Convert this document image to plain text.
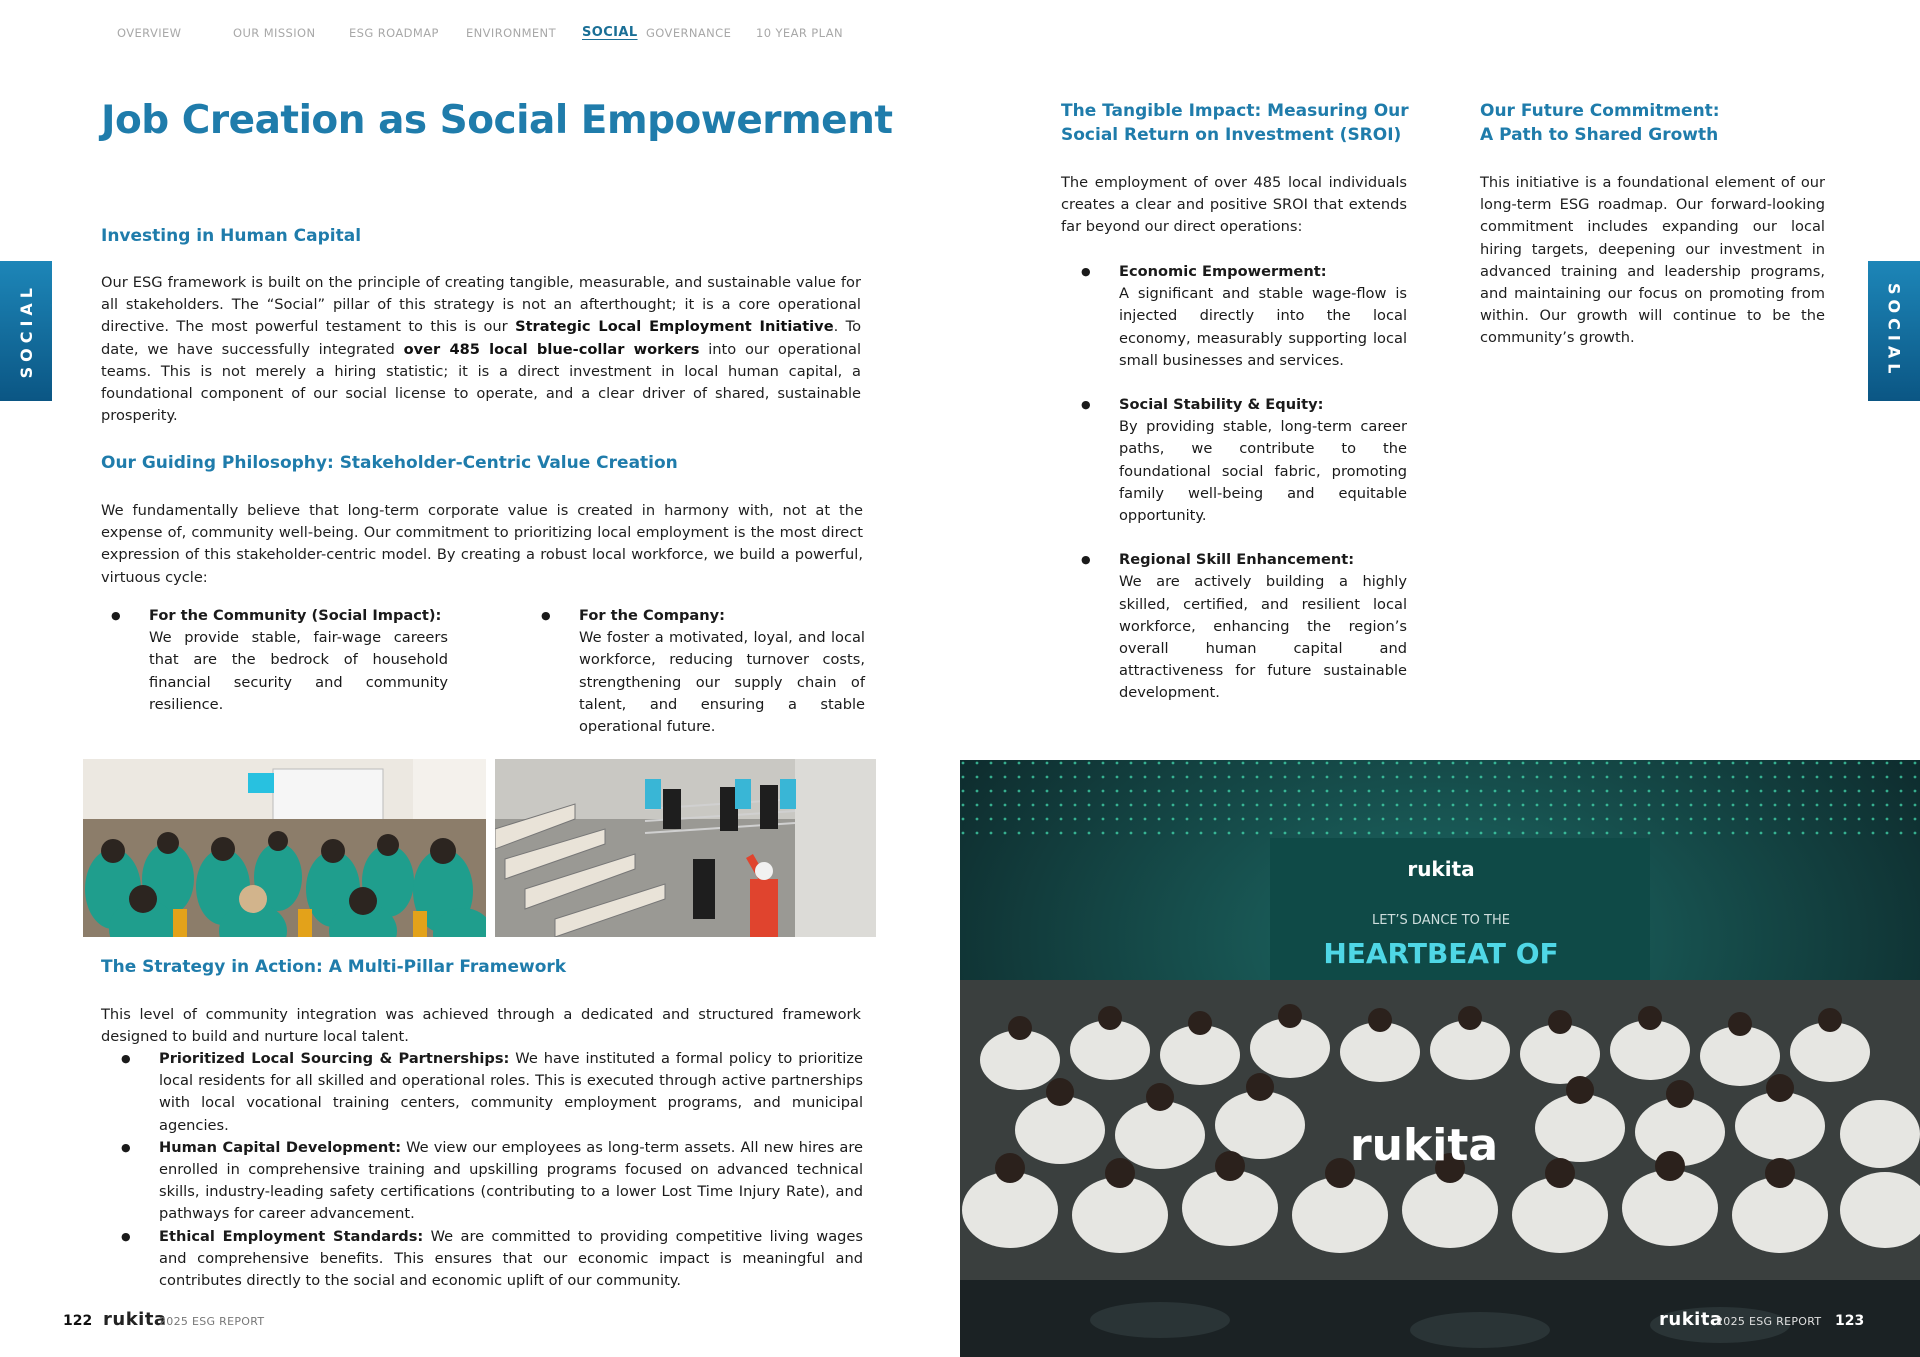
OVERVIEW	OUR MISSION	ESG ROADMAP ENVIRONMENT SOCIAL GOVERNANCE 10 YEAR PLAN
SOCIAL	SOCIAL
Job Creation as Social Empowerment
Investing in Human Capital
Our ESG framework is built on the principle of creating tangible, measurable, and sustainable value for all stakeholders. The “Social” pillar of this strategy is not an afterthought; it is a core operational directive. The most powerful testament to this is our Strategic Local Employment Initiative. To date, we have successfully integrated over 485 local blue-collar workers into our operational teams. This is not merely a hiring statistic; it is a direct investment in local human capital, a foundational component of our social license to operate, and a clear driver of shared, sustainable prosperity.
Our Guiding Philosophy: Stakeholder-Centric Value Creation
We fundamentally believe that long-term corporate value is created in harmony with, not at the expense of, community well-being. Our commitment to prioritizing local employment is the most direct expression of this stakeholder-centric model. By creating a robust local workforce, we build a powerful, virtuous cycle:
● For the Community (Social Impact):
We provide stable, fair-wage careers that are the bedrock of household financial security and community resilience.
● For the Company:
We foster a motivated, loyal, and local workforce, reducing turnover costs, strengthening our supply chain of talent, and ensuring a stable operational future.
The Strategy in Action: A Multi-Pillar Framework
This level of community integration was achieved through a dedicated and structured framework designed to build and nurture local talent.
● Prioritized Local Sourcing & Partnerships: We have instituted a formal policy to prioritize local residents for all skilled and operational roles. This is executed through active partnerships with local vocational training centers, community employment programs, and municipal agencies.
● Human Capital Development: We view our employees as long-term assets. All new hires are enrolled in comprehensive training and upskilling programs focused on advanced technical skills, industry-leading safety certifications (contributing to a lower Lost Time Injury Rate), and pathways for career advancement.
● Ethical Employment Standards: We are committed to providing competitive living wages and comprehensive benefits. This ensures that our economic impact is meaningful and contributes directly to the social and economic uplift of our community.
122 rukita
2025 ESG REPORT
The Tangible Impact: Measuring Our
Social Return on Investment (SROI)
The employment of over 485 local individuals creates a clear and positive SROI that extends far beyond our direct operations:
● Economic Empowerment:
A significant and stable wage-flow is injected directly into the local economy, measurably supporting local small businesses and services.
● Social Stability & Equity:
By providing stable, long-term career paths, we contribute to the foundational social fabric, promoting family well-being and equitable opportunity.
● Regional Skill Enhancement:
We are actively building a highly skilled, certified, and resilient local workforce, enhancing the region’s overall human capital and attractiveness for future sustainable development.
Our Future Commitment:
A Path to Shared Growth
This initiative is a foundational element of our long-term ESG roadmap. Our forward-looking commitment includes expanding our local hiring targets, deepening our investment in advanced training and leadership programs, and maintaining our focus on promoting from within. Our growth will continue to be the community’s growth.
rukita
LET’S DANCE TO THE
HEARTBEAT OF
rukita
rukita
2025 ESG REPORT 123
